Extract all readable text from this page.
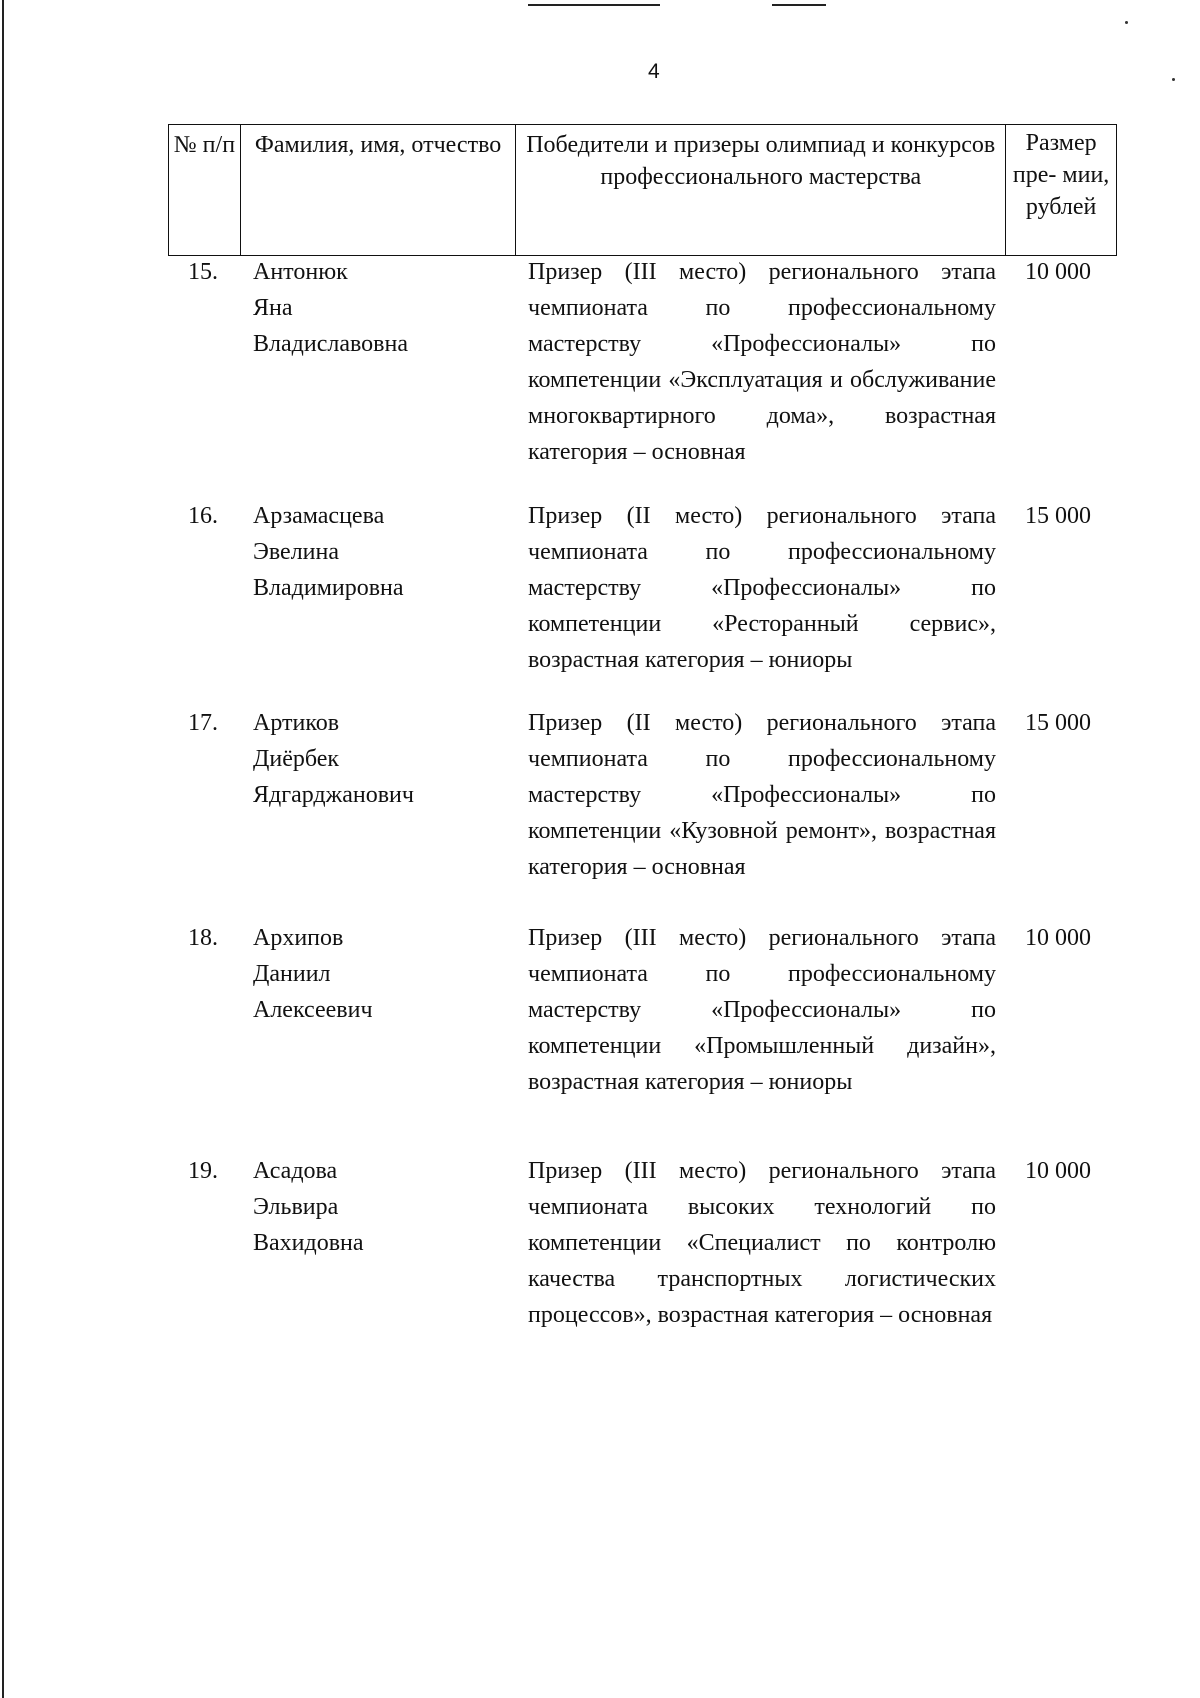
4
№ п/п Фамилия, имя, отчество	Победители и призеры олимпиад и конкурсов профессионального мастерства
Размер пре- мии, рублей
15. Антонюк
Яна
Владиславовна
Призер (III место) регионального этапа чемпионата по профессиональному мастерству «Профессионалы» по компетенции «Эксплуатация и обслуживание многоквартирного дома», возрастная категория – основная
10 000
16. Арзамасцева
Эвелина
Владимировна
Призер (II место) регионального этапа чемпионата по профессиональному мастерству «Профессионалы» по компетенции «Ресторанный сервис», возрастная категория – юниоры
15 000
17. Артиков
Диёрбек
Ядгарджанович
Призер (II место) регионального этапа чемпионата по профессиональному мастерству «Профессионалы» по компетенции «Кузовной ремонт», возрастная категория – основная
15 000
18. Архипов
Даниил
Алексеевич
Призер (III место) регионального этапа чемпионата по профессиональному мастерству «Профессионалы» по компетенции «Промышленный дизайн», возрастная категория – юниоры
10 000
19. Асадова
Эльвира
Вахидовна
Призер (III место) регионального этапа чемпионата высоких технологий по компетенции «Специалист по контролю качества транспортных логистических процессов», возрастная категория – основная
10 000
